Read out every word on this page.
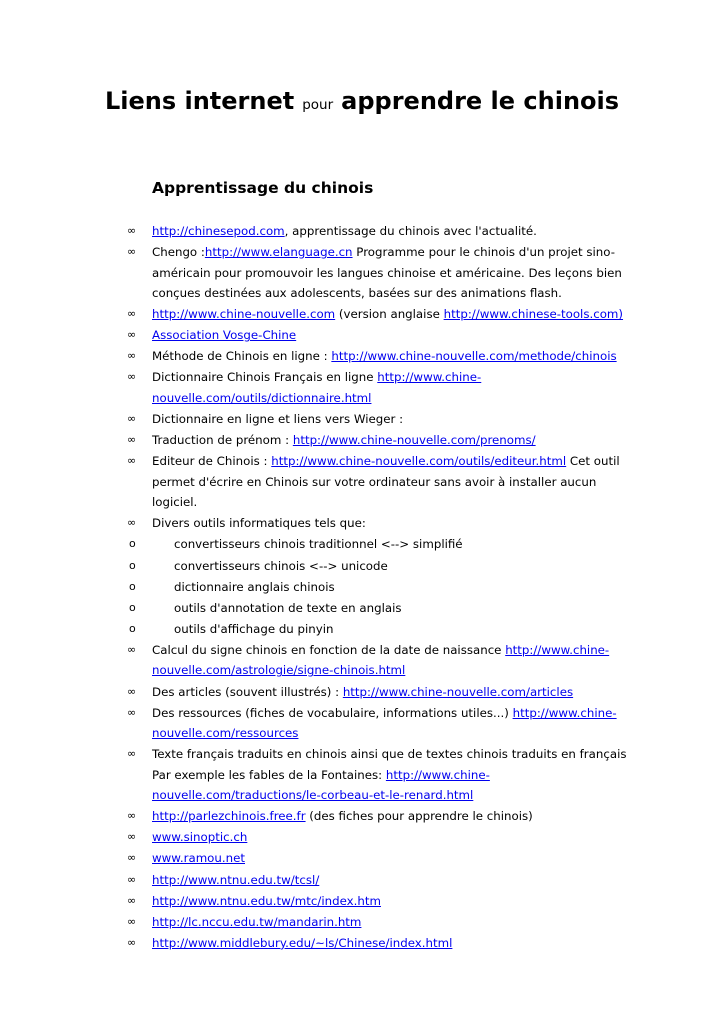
Liens internet pour apprendre le chinois
Apprentissage du chinois
∞	http://chinesepod.com, apprentissage du chinois avec l'actualité.
∞	Chengo :http://www.elanguage.cn Programme pour le chinois d'un projet sino-américain pour promouvoir les langues chinoise et américaine. Des leçons bien conçues destinées aux adolescents, basées sur des animations flash.
∞	http://www.chine-nouvelle.com (version anglaise http://www.chinese-tools.com)
∞	Association Vosge-Chine
∞	Méthode de Chinois en ligne : http://www.chine-nouvelle.com/methode/chinois
∞	Dictionnaire Chinois Français en ligne http://www.chine-nouvelle.com/outils/dictionnaire.html
∞	Dictionnaire en ligne et liens vers Wieger :
∞	Traduction de prénom : http://www.chine-nouvelle.com/prenoms/
∞	Editeur de Chinois : http://www.chine-nouvelle.com/outils/editeur.html Cet outil permet d'écrire en Chinois sur votre ordinateur sans avoir à installer aucun logiciel.
∞	Divers outils informatiques tels que:
o	convertisseurs chinois traditionnel <--> simplifié
o	convertisseurs chinois <--> unicode
o	dictionnaire anglais chinois
o	outils d'annotation de texte en anglais
o	outils d'affichage du pinyin
∞	Calcul du signe chinois en fonction de la date de naissance http://www.chine-nouvelle.com/astrologie/signe-chinois.html
∞	Des articles (souvent illustrés) : http://www.chine-nouvelle.com/articles
∞	Des ressources (fiches de vocabulaire, informations utiles...) http://www.chine-nouvelle.com/ressources
∞	Texte français traduits en chinois ainsi que de textes chinois traduits en français Par exemple les fables de la Fontaines: http://www.chine-nouvelle.com/traductions/le-corbeau-et-le-renard.html
∞	http://parlezchinois.free.fr (des fiches pour apprendre le chinois)
∞	www.sinoptic.ch
∞	www.ramou.net
∞	http://www.ntnu.edu.tw/tcsl/
∞	http://www.ntnu.edu.tw/mtc/index.htm
∞	http://lc.nccu.edu.tw/mandarin.htm
∞	http://www.middlebury.edu/~ls/Chinese/index.html
